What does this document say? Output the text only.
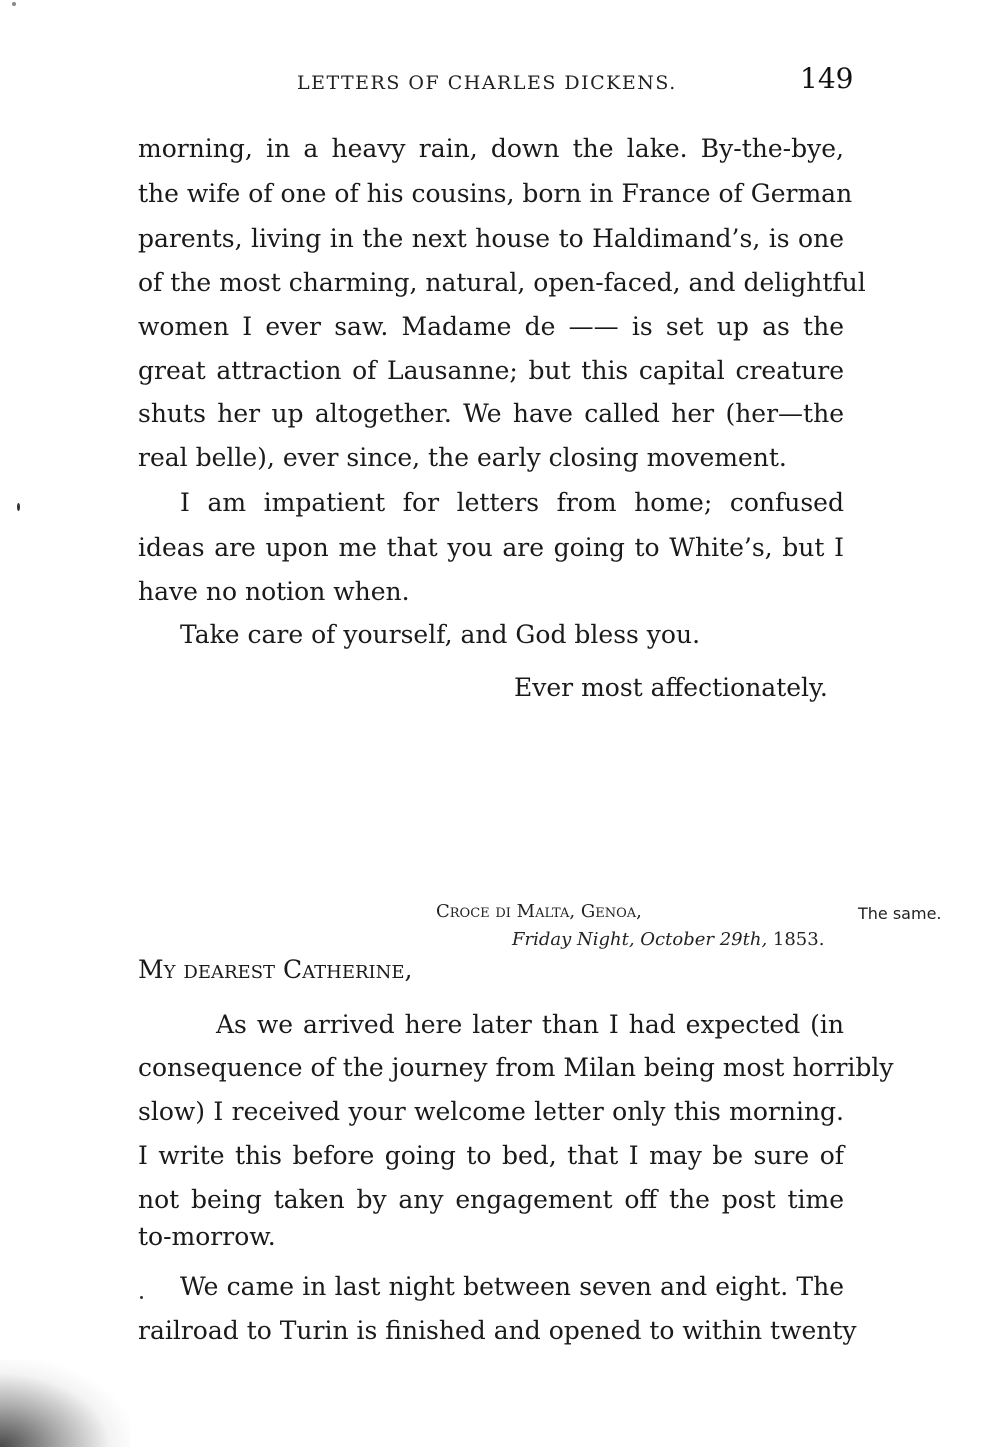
LETTERS OF CHARLES DICKENS.	149
morning, in a heavy rain, down the lake. By-the-bye,
the wife of one of his cousins, born in France of German
parents, living in the next house to Haldimand’s, is one
of the most charming, natural, open-faced, and delightful
women I ever saw. Madame de —— is set up as the
great attraction of Lausanne; but this capital creature
shuts her up altogether. We have called her (her—the
real belle), ever since, the early closing movement.
I am impatient for letters from home; confused
ideas are upon me that you are going to White’s, but I
have no notion when.
Take care of yourself, and God bless you.
Ever most affectionately.
Croce di Malta, Genoa,
Friday Night, October 29th, 1853.
The same.
My dearest Catherine,
As we arrived here later than I had expected (in
consequence of the journey from Milan being most horribly
slow) I received your welcome letter only this morning.
I write this before going to bed, that I may be sure of
not being taken by any engagement off the post time
to-morrow.
We came in last night between seven and eight. The
railroad to Turin is finished and opened to within twenty
